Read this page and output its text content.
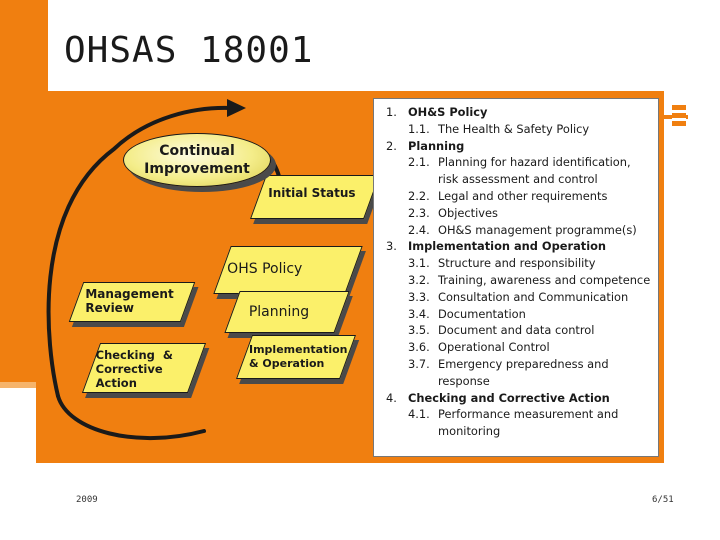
OHSAS 18001
Initial Status
OHS Policy
Planning
Implementation
& Operation
Management
Review
Checking  &
Corrective
Action
Continual
Improvement
1. OH&S Policy
1.1. The Health & Safety Policy
2. Planning
2.1. Planning for hazard identification,
risk assessment and control
2.2. Legal and other requirements
2.3. Objectives
2.4. OH&S management programme(s)
3. Implementation and Operation
3.1. Structure and responsibility
3.2. Training, awareness and competence
3.3. Consultation and Communication
3.4. Documentation
3.5. Document and data control
3.6. Operational Control
3.7. Emergency preparedness and
response
4. Checking and Corrective Action
4.1. Performance measurement and
monitoring
2009	6/51
